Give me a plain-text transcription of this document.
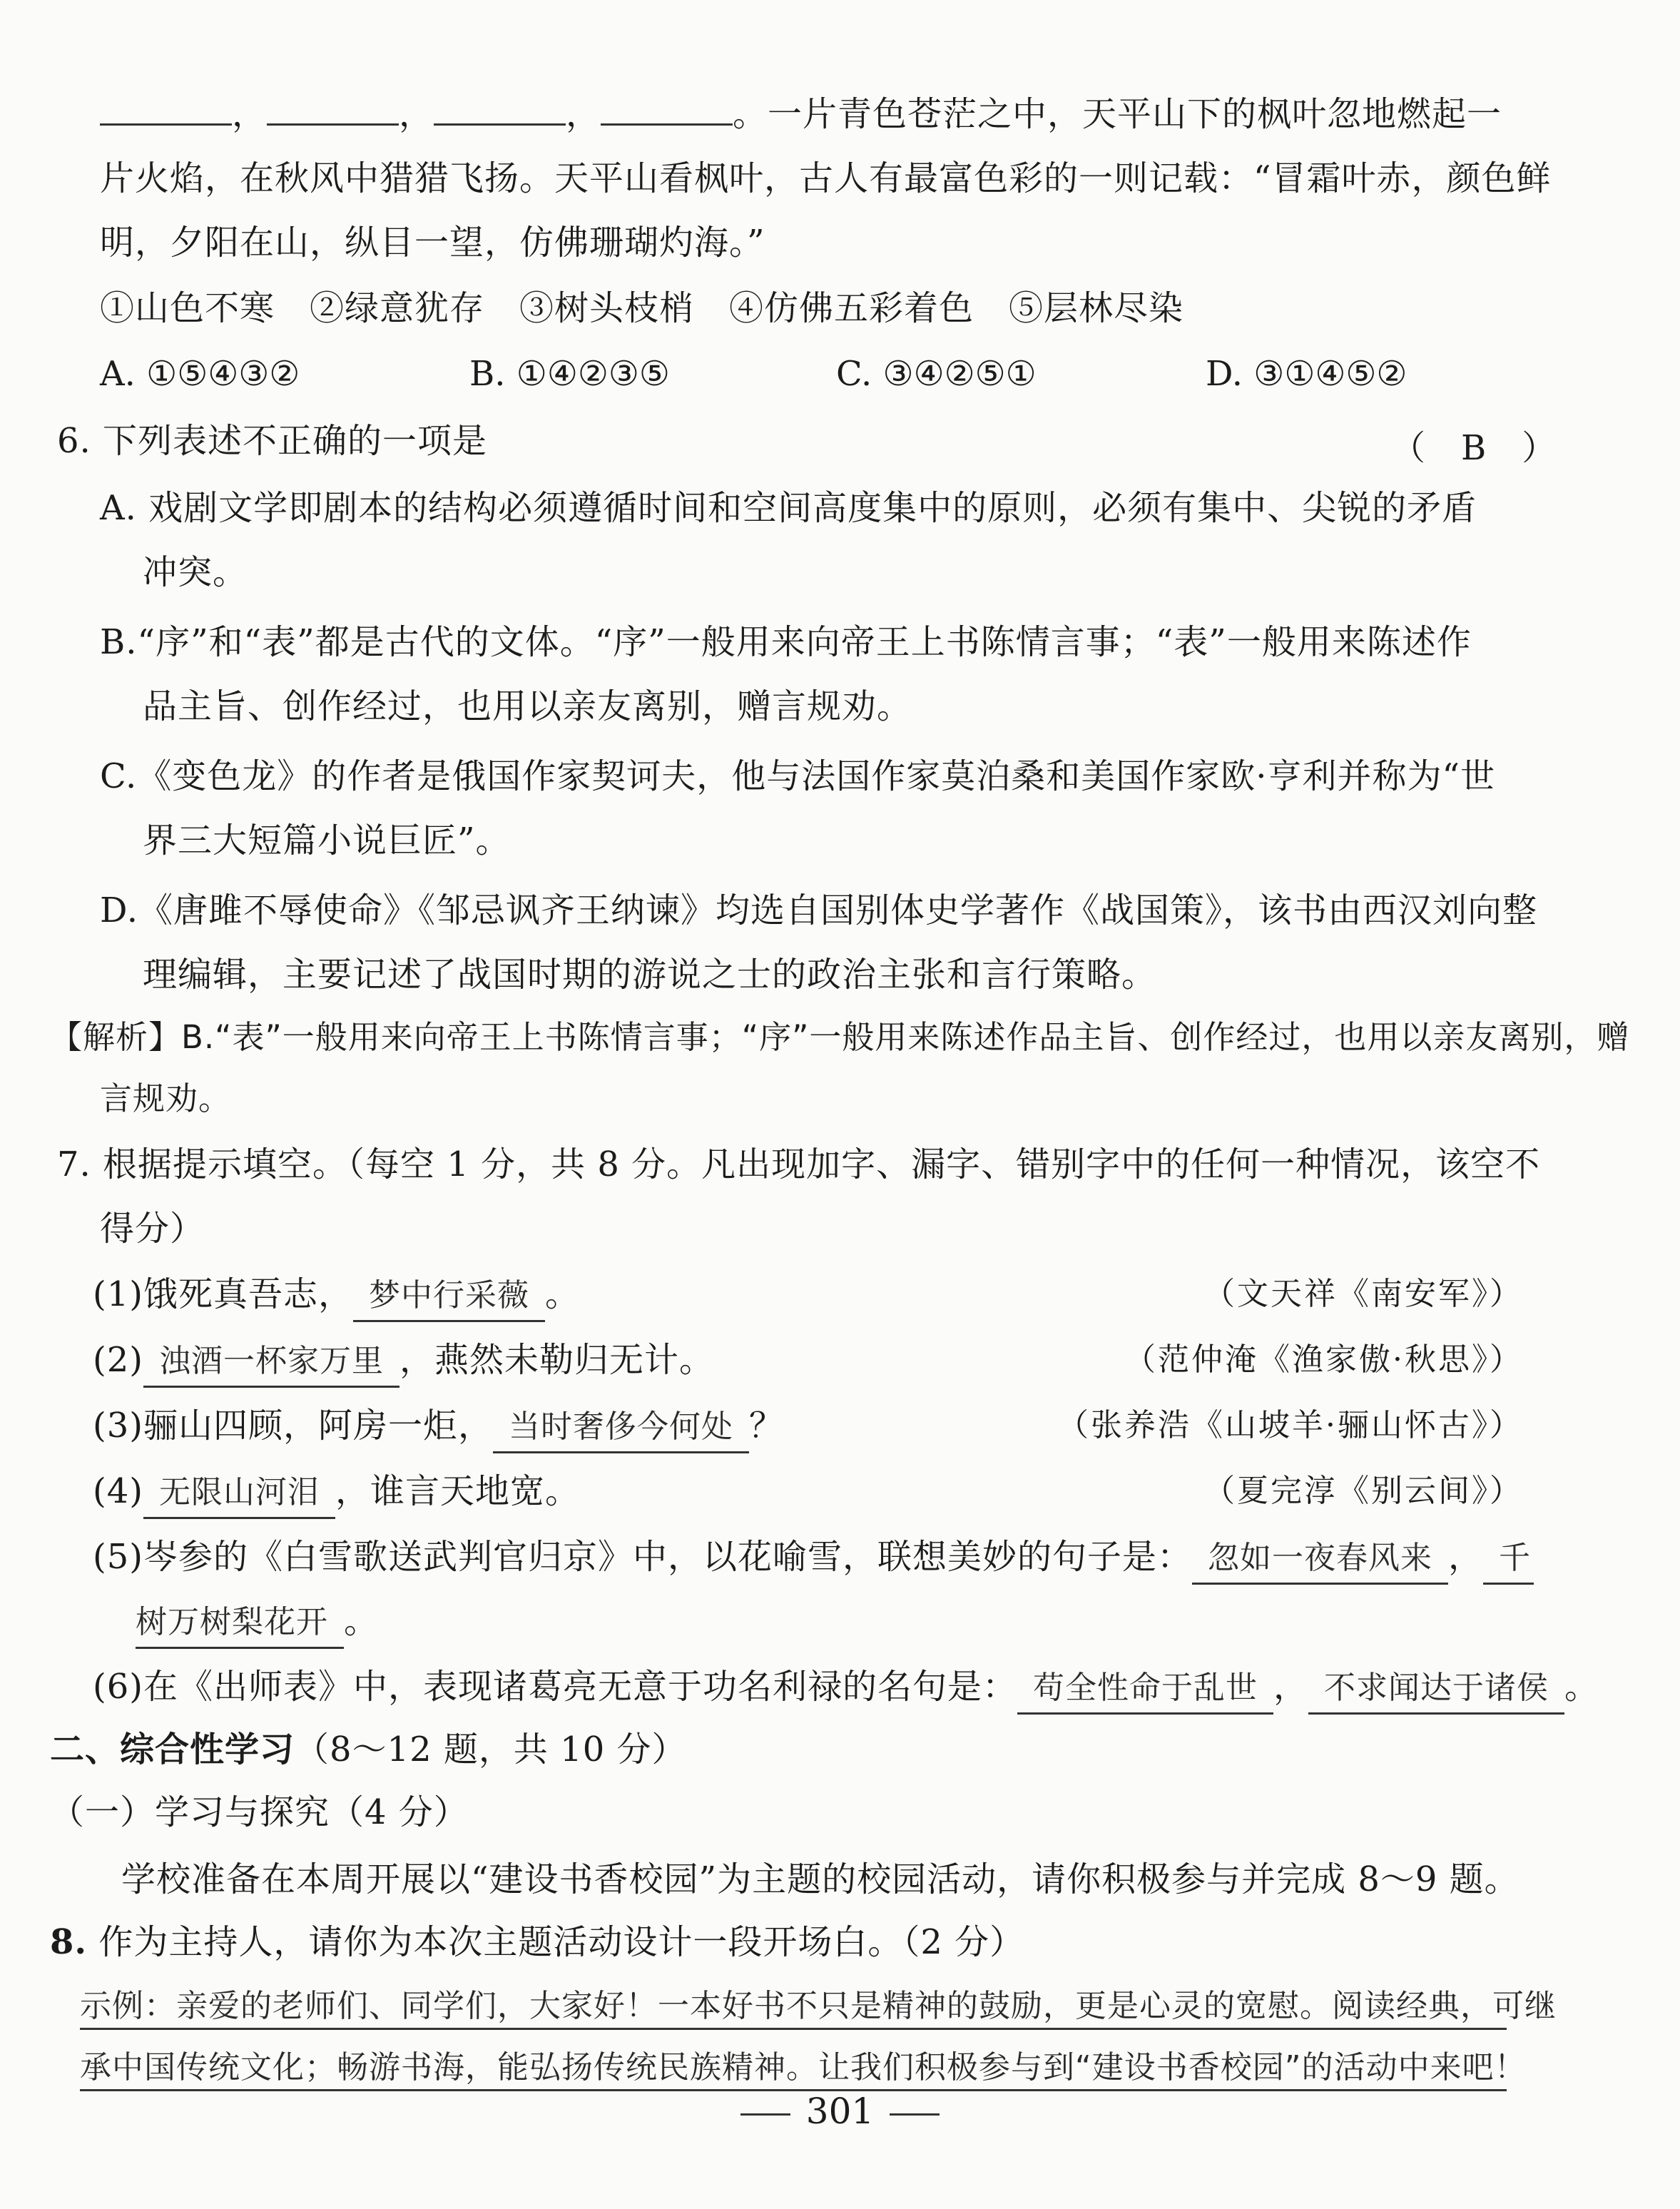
，	，	，	。一片青色苍茫之中，天平山下的枫叶忽地燃起一
片火焰，在秋风中猎猎飞扬。天平山看枫叶，古人有最富色彩的一则记载：“冒霜叶赤，颜色鲜
明，夕阳在山，纵目一望，仿佛珊瑚灼海。”
①山色不寒　②绿意犹存　③树头枝梢　④仿佛五彩着色　⑤层林尽染
A. ①⑤④③②	B. ①④②③⑤	C. ③④②⑤①	D. ③①④⑤②
6. 下列表述不正确的一项是	（　B　）
A. 戏剧文学即剧本的结构必须遵循时间和空间高度集中的原则，必须有集中、尖锐的矛盾
冲突。
B.“序”和“表”都是古代的文体。“序”一般用来向帝王上书陈情言事；“表”一般用来陈述作
品主旨、创作经过，也用以亲友离别，赠言规劝。
C.《变色龙》的作者是俄国作家契诃夫，他与法国作家莫泊桑和美国作家欧·亨利并称为“世
界三大短篇小说巨匠”。
D.《唐雎不辱使命》《邹忌讽齐王纳谏》均选自国别体史学著作《战国策》，该书由西汉刘向整
理编辑，主要记述了战国时期的游说之士的政治主张和言行策略。
【解析】B.“表”一般用来向帝王上书陈情言事；“序”一般用来陈述作品主旨、创作经过，也用以亲友离别，赠
言规劝。
7. 根据提示填空。（每空 1 分，共 8 分。凡出现加字、漏字、错别字中的任何一种情况，该空不
得分）
(1)饿死真吾志， 梦中行采薇 。	（文天祥《南安军》）
(2) 浊酒一杯家万里 ，燕然未勒归无计。	（范仲淹《渔家傲·秋思》）
(3)骊山四顾，阿房一炬， 当时奢侈今何处 ？	（张养浩《山坡羊·骊山怀古》）
(4) 无限山河泪 ，谁言天地宽。	（夏完淳《别云间》）
(5)岑参的《白雪歌送武判官归京》中，以花喻雪，联想美妙的句子是： 忽如一夜春风来 ， 千
树万树梨花开 。
(6)在《出师表》中，表现诸葛亮无意于功名利禄的名句是： 苟全性命于乱世 ， 不求闻达于诸侯 。
二、综合性学习（8～12 题，共 10 分）
（一）学习与探究（4 分）
学校准备在本周开展以“建设书香校园”为主题的校园活动，请你积极参与并完成 8～9 题。
8. 作为主持人，请你为本次主题活动设计一段开场白。（2 分）
示例：亲爱的老师们、同学们，大家好！一本好书不只是精神的鼓励，更是心灵的宽慰。阅读经典，可继
承中国传统文化；畅游书海，能弘扬传统民族精神。让我们积极参与到“建设书香校园”的活动中来吧！
301
